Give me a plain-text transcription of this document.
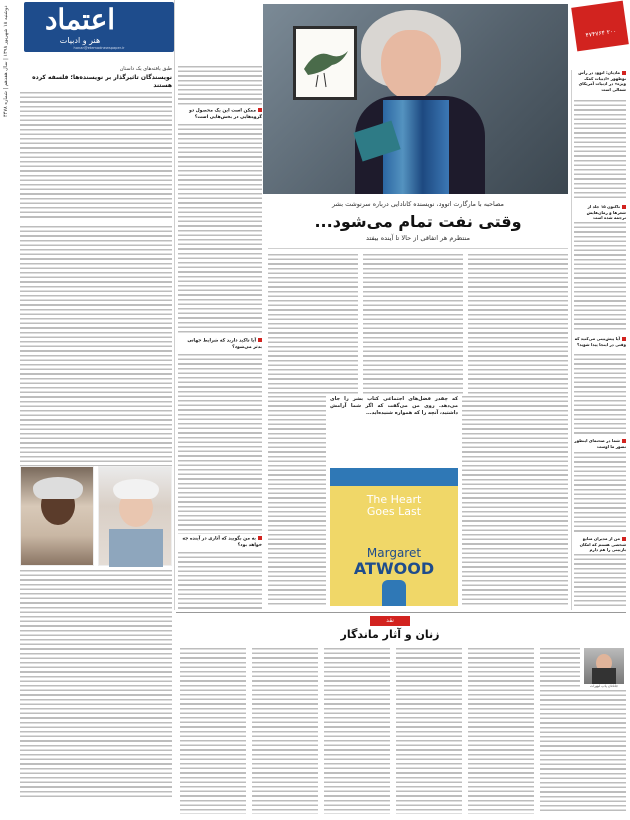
اعتماد
هنر و ادبیات
honar@etemadnewspaper.ir
دوشنبه ۱۸ شهریور ۱۳۹۸ | سال هفدهم | شماره ۴۴۷۸
طبق یافته‌های یک داستان
نویسندگان تاثیرگذار بر نویسنده‌ها؛ فلسفه کرده هستند
ممکن است این یک محصول دو گروه‌هایی در بخش‌هایی است؟
آیا تاکید دارید که شرایط جهانی بدتر می‌شود؟
به من بگویید که آثاری در آینده چه خواهد بود؟
۴۷۴۷۶۴ ۲۰۰
مصاحبه با مارگارت اتوود، نویسنده کانادایی درباره سرنوشت بشر
وقتی نفت تمام می‌شود...
منتظرم هر اتفاقی از حالا تا آینده بیفتد
که چقدر فضل‌های اجتماعی کتاب بشر را جای می‌دهد. روی من می‌گفت که اگر شما آرامش داشتید، آنچه را که همواره شنیده‌اید...
The Heart
Goes Last
Margaret
ATWOOD
مادیان: اتوود در رأس نوظهور «ادبیات کمک ویژه» در ادبیات آمریکای شمالی است
تاکنون ۱۵ جلد از شعرها و رمان‌هایش ترجمه شده است
آیا پیش‌بینی می‌کنید که وقتی در اینجا پیدا شوید؟
شما در صحنه‌ای اینطور تصور ما اوست
من از مدیران منابع شخصی هستم که امکان بازبینی را هم دارم
نقد
زنان و آثار ماندگار
جاناتان پاپ لیهرات
